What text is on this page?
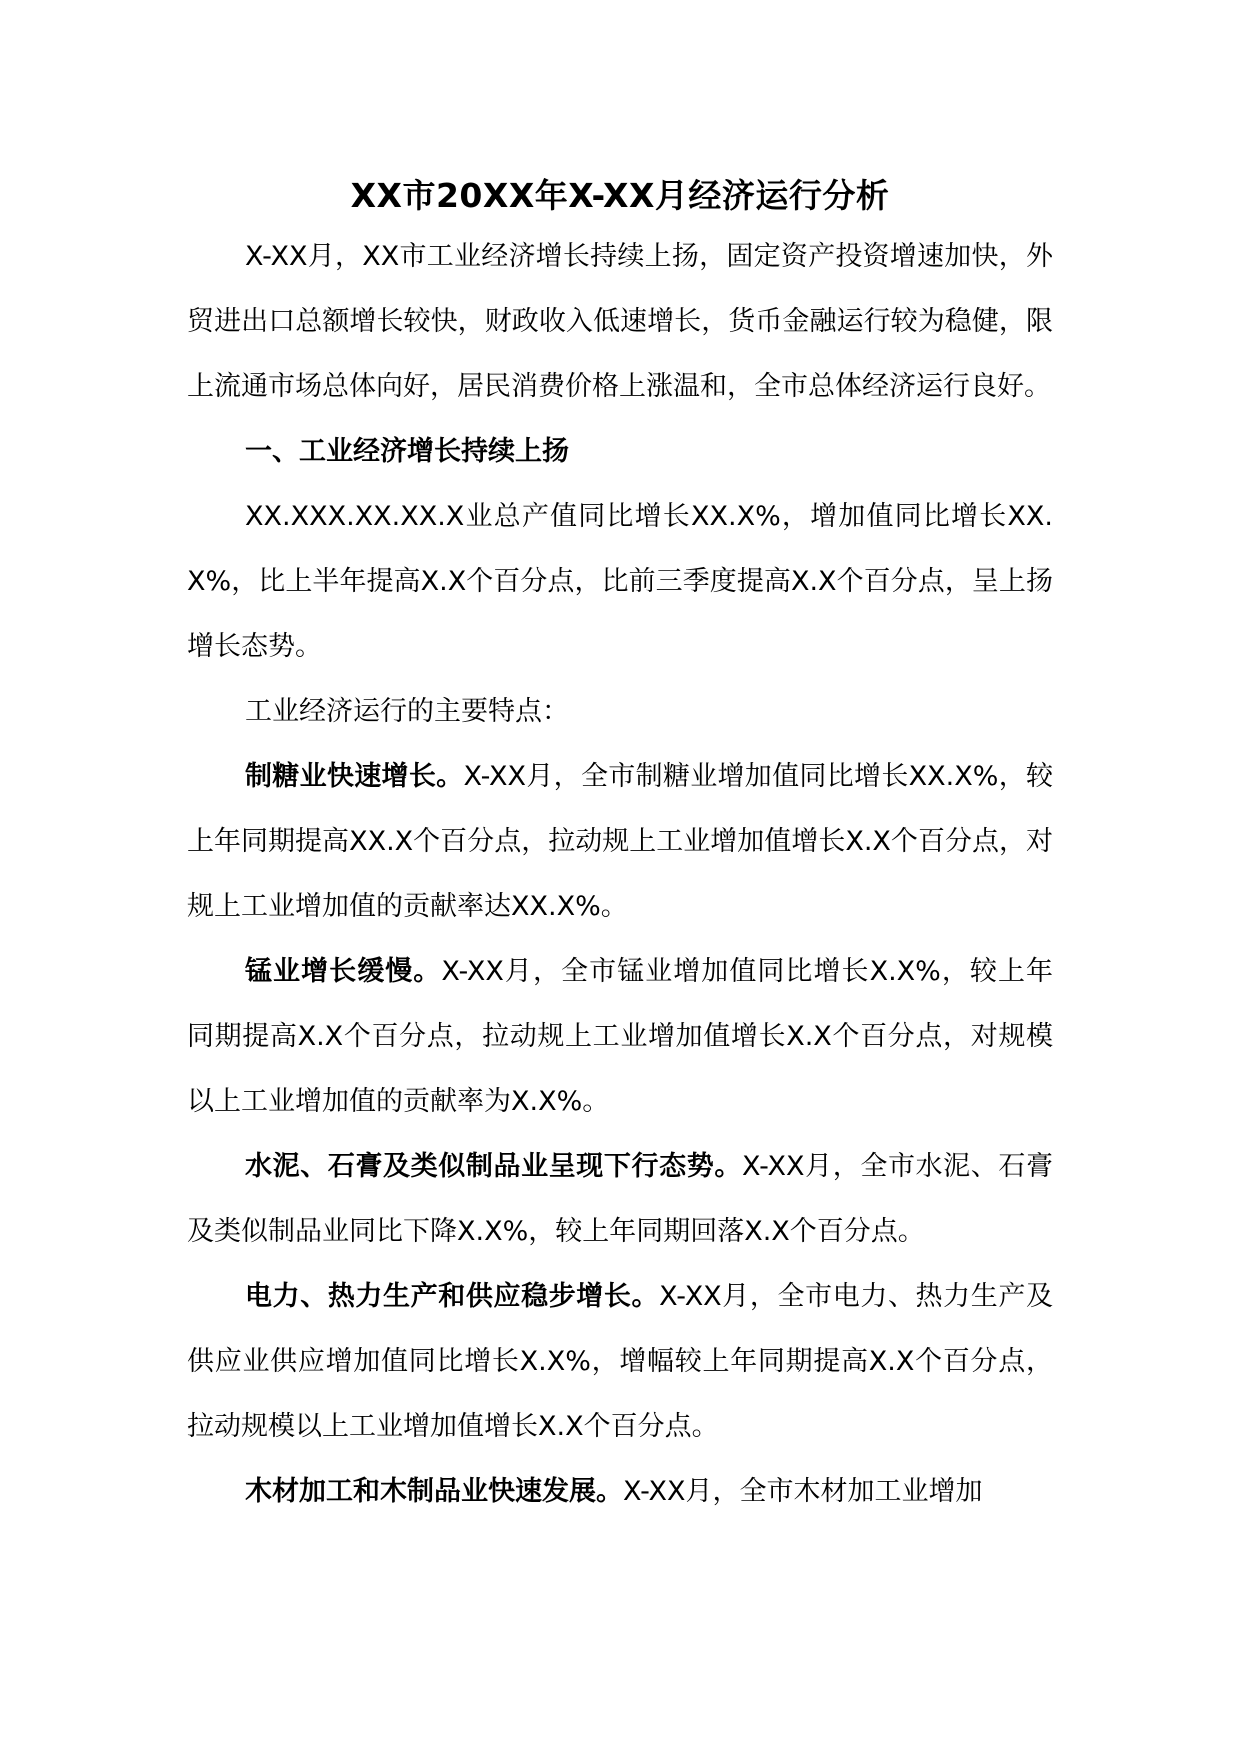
XX市20XX年X-XX月经济运行分析

X-XX月，XX市工业经济增长持续上扬，固定资产投资增速加快，外贸进出口总额增长较快，财政收入低速增长，货币金融运行较为稳健，限上流通市场总体向好，居民消费价格上涨温和，全市总体经济运行良好。

一、工业经济增长持续上扬

XX.XXX.XX.XX.X业总产值同比增长XX.X%，增加值同比增长XX.X%，比上半年提高X.X个百分点，比前三季度提高X.X个百分点，呈上扬增长态势。

工业经济运行的主要特点：

制糖业快速增长。X-XX月，全市制糖业增加值同比增长XX.X%，较上年同期提高XX.X个百分点，拉动规上工业增加值增长X.X个百分点，对规上工业增加值的贡献率达XX.X%。

锰业增长缓慢。X-XX月，全市锰业增加值同比增长X.X%，较上年同期提高X.X个百分点，拉动规上工业增加值增长X.X个百分点，对规模以上工业增加值的贡献率为X.X%。

水泥、石膏及类似制品业呈现下行态势。X-XX月，全市水泥、石膏及类似制品业同比下降X.X%，较上年同期回落X.X个百分点。

电力、热力生产和供应稳步增长。X-XX月，全市电力、热力生产及供应业供应增加值同比增长X.X%，增幅较上年同期提高X.X个百分点，拉动规模以上工业增加值增长X.X个百分点。

木材加工和木制品业快速发展。X-XX月，全市木材加工业增加
